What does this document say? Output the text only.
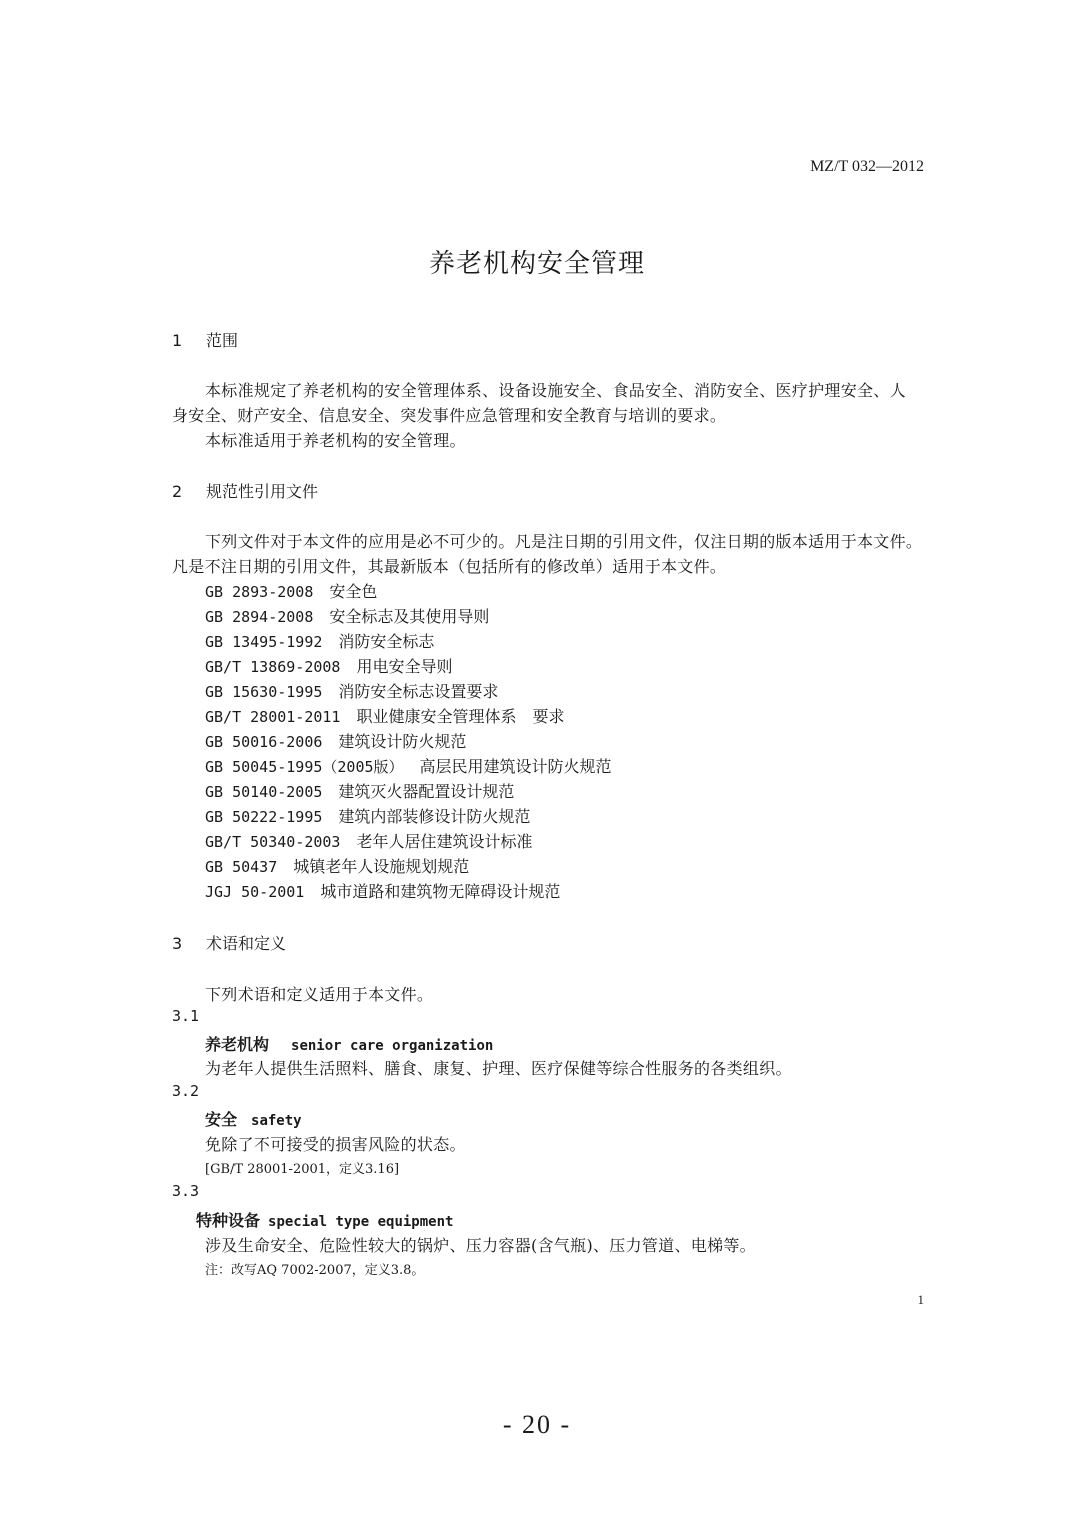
MZ/T 032—2012
养老机构安全管理
1 范围
本标准规定了养老机构的安全管理体系、设备设施安全、食品安全、消防安全、医疗护理安全、人
身安全、财产安全、信息安全、突发事件应急管理和安全教育与培训的要求。
本标准适用于养老机构的安全管理。
2 规范性引用文件
下列文件对于本文件的应用是必不可少的。凡是注日期的引用文件，仅注日期的版本适用于本文件。
凡是不注日期的引用文件，其最新版本（包括所有的修改单）适用于本文件。
GB 2893-2008 安全色
GB 2894-2008 安全标志及其使用导则
GB 13495-1992 消防安全标志
GB/T 13869-2008 用电安全导则
GB 15630-1995 消防安全标志设置要求
GB/T 28001-2011 职业健康安全管理体系　要求
GB 50016-2006 建筑设计防火规范
GB 50045-1995（2005版） 高层民用建筑设计防火规范
GB 50140-2005 建筑灭火器配置设计规范
GB 50222-1995 建筑内部装修设计防火规范
GB/T 50340-2003 老年人居住建筑设计标准
GB 50437 城镇老年人设施规划规范
JGJ 50-2001 城市道路和建筑物无障碍设计规范
3 术语和定义
下列术语和定义适用于本文件。
3.1
养老机构 senior care organization
为老年人提供生活照料、膳食、康复、护理、医疗保健等综合性服务的各类组织。
3.2
安全 safety
免除了不可接受的损害风险的状态。
[GB/T 28001-2001，定义3.16]
3.3
特种设备 special type equipment
涉及生命安全、危险性较大的锅炉、压力容器(含气瓶)、压力管道、电梯等。
注：改写AQ 7002-2007，定义3.8。
1
- 20 -
